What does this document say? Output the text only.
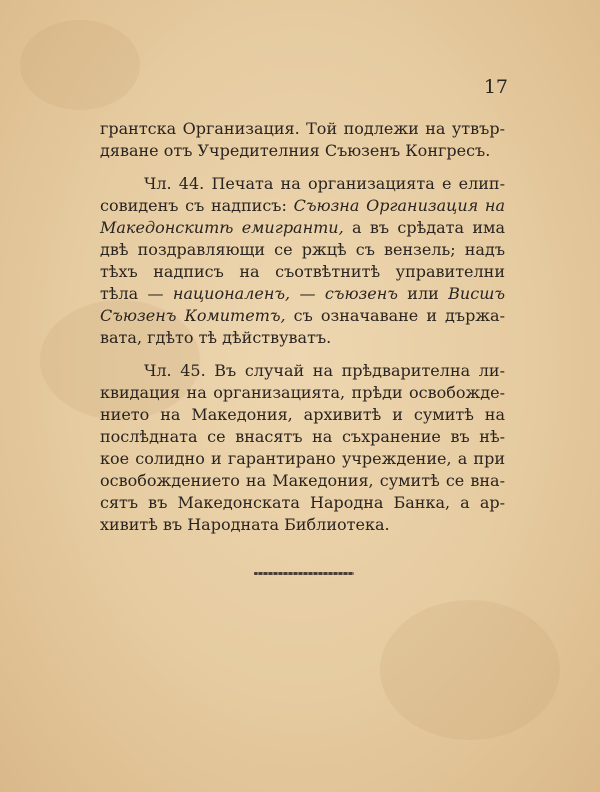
17
грантска Организация. Той подлежи на утвър-
дяване отъ Учредителния Съюзенъ Конгресъ.
Чл. 44. Печата на организацията е елип-
совиденъ съ надписъ: Съюзна Организация на
Македонскитѣ емигранти, а въ срѣдата има
двѣ поздравляющи се ржцѣ съ вензель; надъ
тѣхъ надписъ на съотвѣтнитѣ управителни
тѣла — националенъ, — съюзенъ или Висшъ
Съюзенъ Комитетъ, съ означаване и държа-
вата, гдѣто тѣ дѣйствуватъ.
Чл. 45. Въ случай на прѣдварителна ли-
квидация на организацията, прѣди освобожде-
нието на Македония, архивитѣ и сумитѣ на
послѣдната се внасятъ на съхранение въ нѣ-
кое солидно и гарантирано учреждение, а при
освобождението на Македония, сумитѣ се вна-
сятъ въ Македонската Народна Банка, а ар-
хивитѣ въ Народната Библиотека.
